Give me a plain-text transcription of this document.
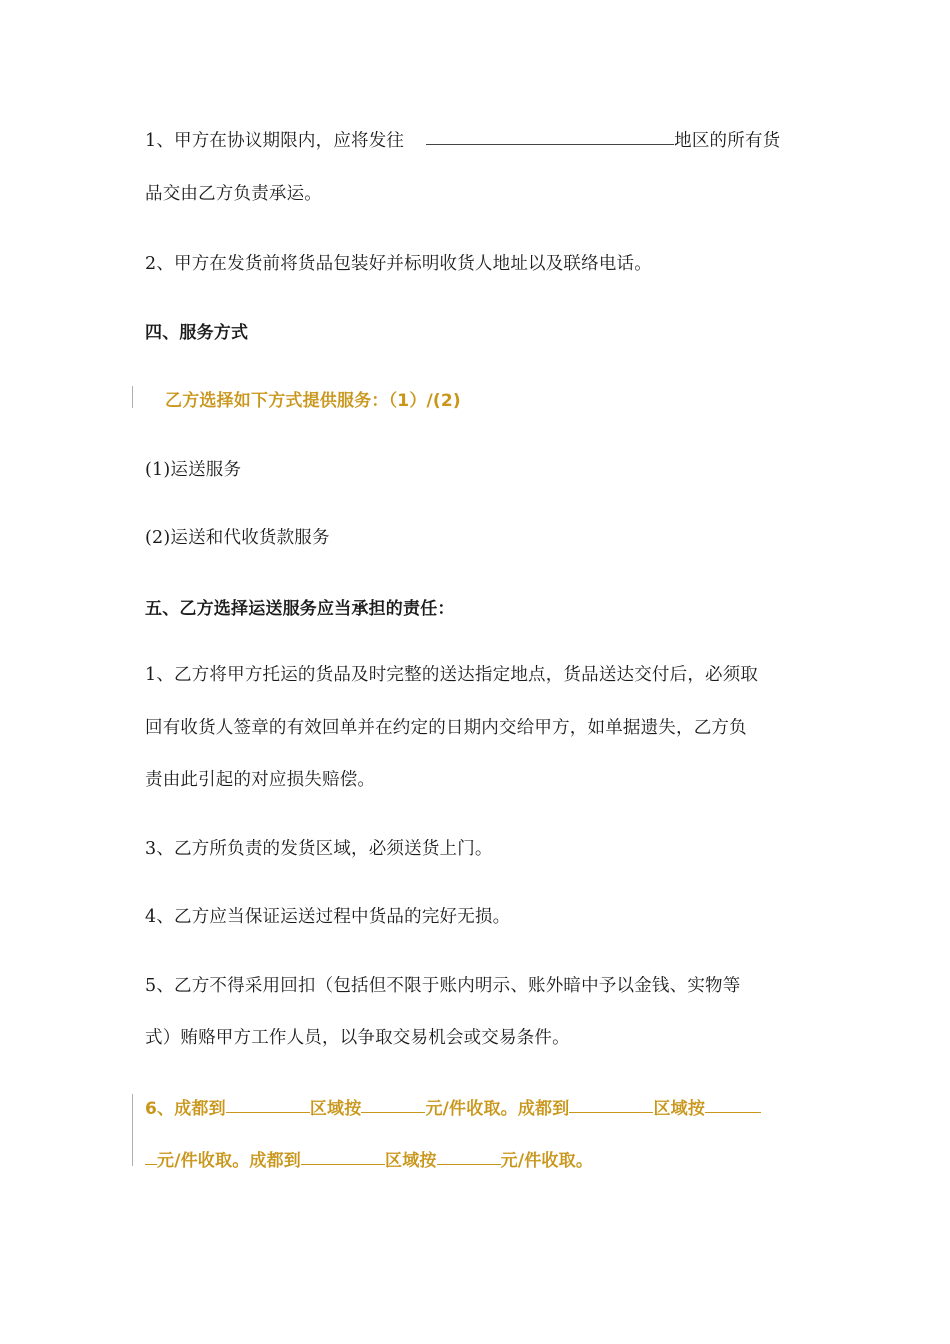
1、甲方在协议期限内，应将发往	地区的所有货
品交由乙方负责承运。
2、甲方在发货前将货品包装好并标明收货人地址以及联络电话。
四、服务方式
乙方选择如下方式提供服务：（1）/(2)
(1)运送服务
(2)运送和代收货款服务
五、乙方选择运送服务应当承担的责任：
1、乙方将甲方托运的货品及时完整的送达指定地点，货品送达交付后，必须取
回有收货人签章的有效回单并在约定的日期内交给甲方，如单据遗失，乙方负
责由此引起的对应损失赔偿。
3、乙方所负责的发货区域，必须送货上门。
4、乙方应当保证运送过程中货品的完好无损。
5、乙方不得采用回扣（包括但不限于账内明示、账外暗中予以金钱、实物等
式）贿赂甲方工作人员，以争取交易机会或交易条件。
6、成都到	区域按	元/件收取。成都到	区域按
元/件收取。成都到	区域按	元/件收取。
